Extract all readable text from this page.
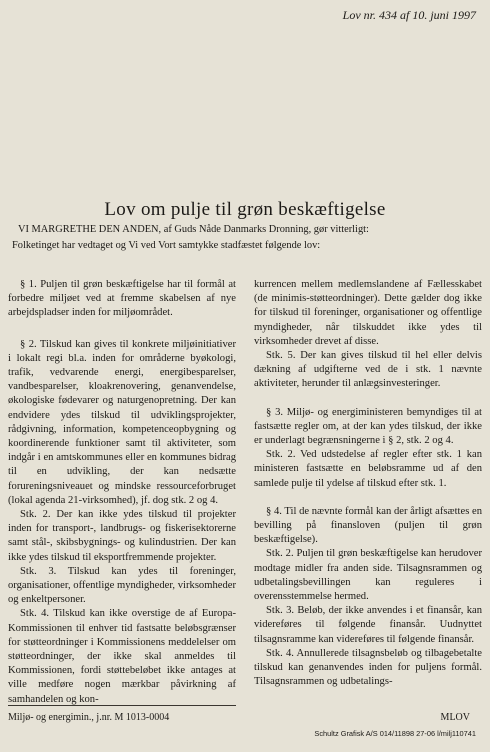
Lov nr. 434 af 10. juni 1997
Lov om pulje til grøn beskæftigelse

VI MARGRETHE DEN ANDEN, af Guds Nåde Danmarks Dronning, gør vitterligt:

Folketinget har vedtaget og Vi ved Vort samtykke stadfæstet følgende lov:

§ 1. Puljen til grøn beskæftigelse har til formål at forbedre miljøet ved at fremme skabelsen af nye arbejdspladser inden for miljøområdet.

§ 2. Tilskud kan gives til konkrete miljøinitiativer i lokalt regi bl.a. inden for områderne byøkologi, trafik, vedvarende energi, energibesparelser, vandbesparelser, kloakrenovering, genanvendelse, økologiske fødevarer og naturgenopretning. Der kan endvidere ydes tilskud til udviklingsprojekter, rådgivning, information, kompetenceopbygning og koordinerende funktioner samt til aktiviteter, som indgår i en amtskommunes eller en kommunes bidrag til en udvikling, der kan nedsætte forureningsniveauet og mindske ressourceforbruget (lokal agenda 21-virksomhed), jf. dog stk. 2 og 4.

Stk. 2. Der kan ikke ydes tilskud til projekter inden for transport-, landbrugs- og fiskerisektorerne samt stål-, skibsbygnings- og kulindustrien. Der kan ikke ydes tilskud til eksportfremmende projekter.

Stk. 3. Tilskud kan ydes til foreninger, organisationer, offentlige myndigheder, virksomheder og enkeltpersoner.

Stk. 4. Tilskud kan ikke overstige de af Europa-Kommissionen til enhver tid fastsatte beløbsgrænser for støtteordninger i Kommissionens meddelelser om støtteordninger, der ikke skal anmeldes til Kommissionen, fordi støttebeløbet ikke antages at ville medføre nogen mærkbar påvirkning af samhandelen og kon-

kurrencen mellem medlemslandene af Fællesskabet (de minimis-støtteordninger). Dette gælder dog ikke for tilskud til foreninger, organisationer og offentlige myndigheder, når tilskuddet ikke ydes til virksomheder drevet af disse.

Stk. 5. Der kan gives tilskud til hel eller delvis dækning af udgifterne ved de i stk. 1 nævnte aktiviteter, herunder til anlægsinvesteringer.

§ 3. Miljø- og energiministeren bemyndiges til at fastsætte regler om, at der kan ydes tilskud, der ikke er underlagt begrænsningerne i § 2, stk. 2 og 4.

Stk. 2. Ved udstedelse af regler efter stk. 1 kan ministeren fastsætte en beløbsramme ud af den samlede pulje til ydelse af tilskud efter stk. 1.

§ 4. Til de nævnte formål kan der årligt afsættes en bevilling på finansloven (puljen til grøn beskæftigelse).

Stk. 2. Puljen til grøn beskæftigelse kan herudover modtage midler fra anden side. Tilsagnsrammen og udbetalingsbevillingen kan reguleres i overensstemmelse hermed.

Stk. 3. Beløb, der ikke anvendes i et finansår, kan videreføres til følgende finansår. Uudnyttet tilsagnsramme kan videreføres til følgende finansår.

Stk. 4. Annullerede tilsagnsbeløb og tilbagebetalte tilskud kan genanvendes inden for puljens formål. Tilsagnsrammen og udbetalings-

Miljø- og energimin., j.nr. M 1013-0004	MLOV
Schultz Grafisk A/S 014/11898 27-06 l/milj110741
